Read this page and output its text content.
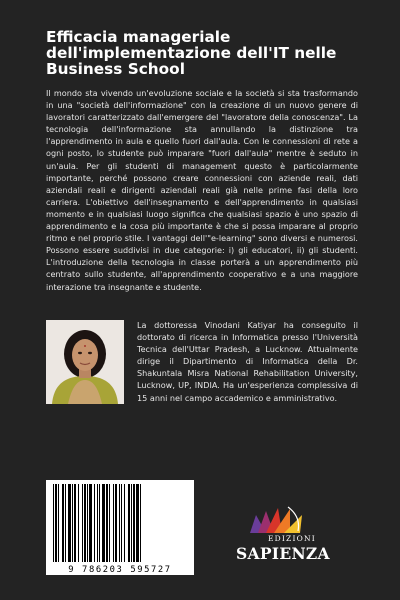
Efficacia manageriale
dell'implementazione dell'IT nelle
Business School

Il mondo sta vivendo un'evoluzione sociale e la società si sta trasformando in una "società dell'informazione" con la creazione di un nuovo genere di lavoratori caratterizzato dall'emergere del "lavoratore della conoscenza". La tecnologia dell'informazione sta annullando la distinzione tra l'apprendimento in aula e quello fuori dall'aula. Con le connessioni di rete a ogni posto, lo studente può imparare "fuori dall'aula" mentre è seduto in un'aula. Per gli studenti di management questo è particolarmente importante, perché possono creare connessioni con aziende reali, dati aziendali reali e dirigenti aziendali reali già nelle prime fasi della loro carriera. L'obiettivo dell'insegnamento e dell'apprendimento in qualsiasi momento e in qualsiasi luogo significa che qualsiasi spazio è uno spazio di apprendimento e la cosa più importante è che si possa imparare al proprio ritmo e nel proprio stile. I vantaggi dell'"e-learning" sono diversi e numerosi. Possono essere suddivisi in due categorie: i) gli educatori, ii) gli studenti. L'introduzione della tecnologia in classe porterà a un apprendimento più centrato sullo studente, all'apprendimento cooperativo e a una maggiore interazione tra insegnante e studente.

La dottoressa Vinodani Katiyar ha conseguito il dottorato di ricerca in Informatica presso l'Università Tecnica dell'Uttar Pradesh, a Lucknow. Attualmente dirige il Dipartimento di Informatica della Dr. Shakuntala Misra National Rehabilitation University, Lucknow, UP, INDIA. Ha un'esperienza complessiva di 15 anni nel campo accademico e amministrativo.

9 786203 595727
EDIZIONI
SAPIENZA
